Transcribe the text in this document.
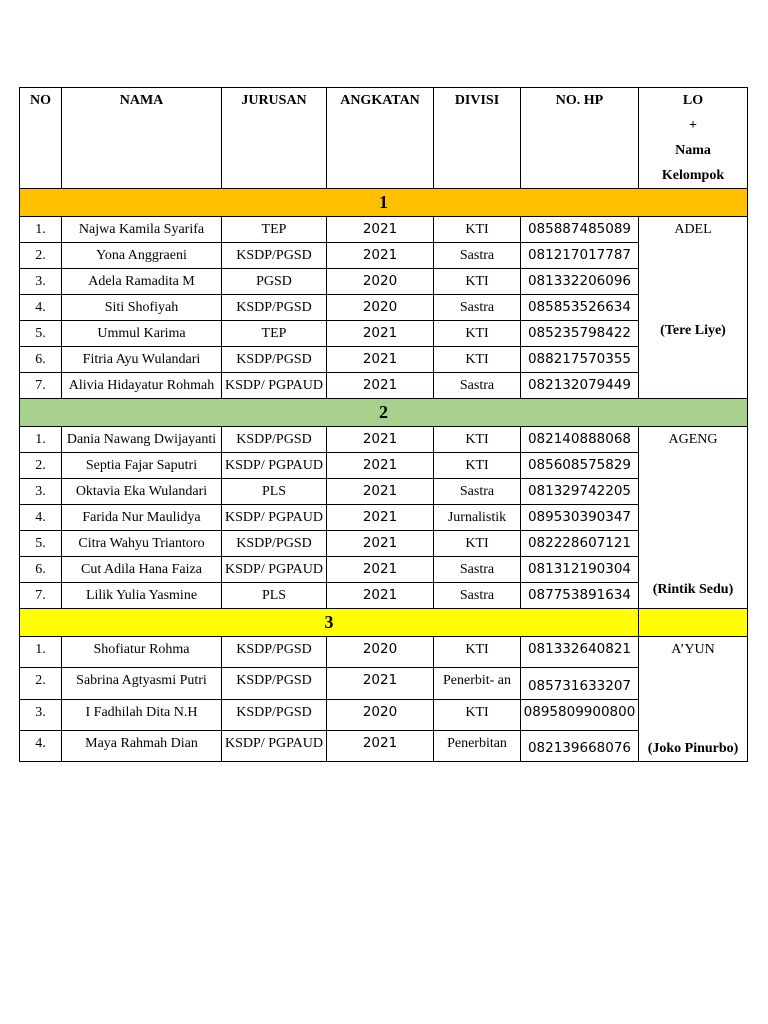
NO	NAMA	JURUSAN	ANGKATAN	DIVISI	NO. HP	LO
+
Nama
Kelompok

1						
1.	Najwa Kamila Syarifa	TEP	2021	KTI	085887485089	ADEL
(Tere Liye)

2.	Yona Anggraeni	KSDP/PGSD	2021	Sastra	081217017787	
3.	Adela Ramadita M	PGSD	2020	KTI	081332206096	
4.	Siti Shofiyah	KSDP/PGSD	2020	Sastra	085853526634	
5.	Ummul Karima	TEP	2021	KTI	085235798422	
6.	Fitria Ayu Wulandari	KSDP/PGSD	2021	KTI	088217570355	
7.	Alivia Hidayatur Rohmah	KSDP/ PGPAUD	2021	Sastra	082132079449	
2						
1.	Dania Nawang Dwijayanti	KSDP/PGSD	2021	KTI	082140888068	AGENG
(Rintik Sedu)

2.	Septia Fajar Saputri	KSDP/ PGPAUD	2021	KTI	085608575829	
3.	Oktavia Eka Wulandari	PLS	2021	Sastra	081329742205	
4.	Farida Nur Maulidya	KSDP/ PGPAUD	2021	Jurnalistik	089530390347	
5.	Citra Wahyu Triantoro	KSDP/PGSD	2021	KTI	082228607121	
6.	Cut Adila Hana Faiza	KSDP/ PGPAUD	2021	Sastra	081312190304	
7.	Lilik Yulia Yasmine	PLS	2021	Sastra	087753891634	
3						
1.	Shofiatur Rohma	KSDP/PGSD	2020	KTI	081332640821	A’YUN
(Joko Pinurbo)

2.	Sabrina Agtyasmi Putri	KSDP/PGSD	2021	Penerbit- an	085731633207	
3.	I Fadhilah Dita N.H	KSDP/PGSD	2020	KTI	0895809900800	
4.	Maya Rahmah Dian	KSDP/ PGPAUD	2021	Penerbitan	082139668076	
